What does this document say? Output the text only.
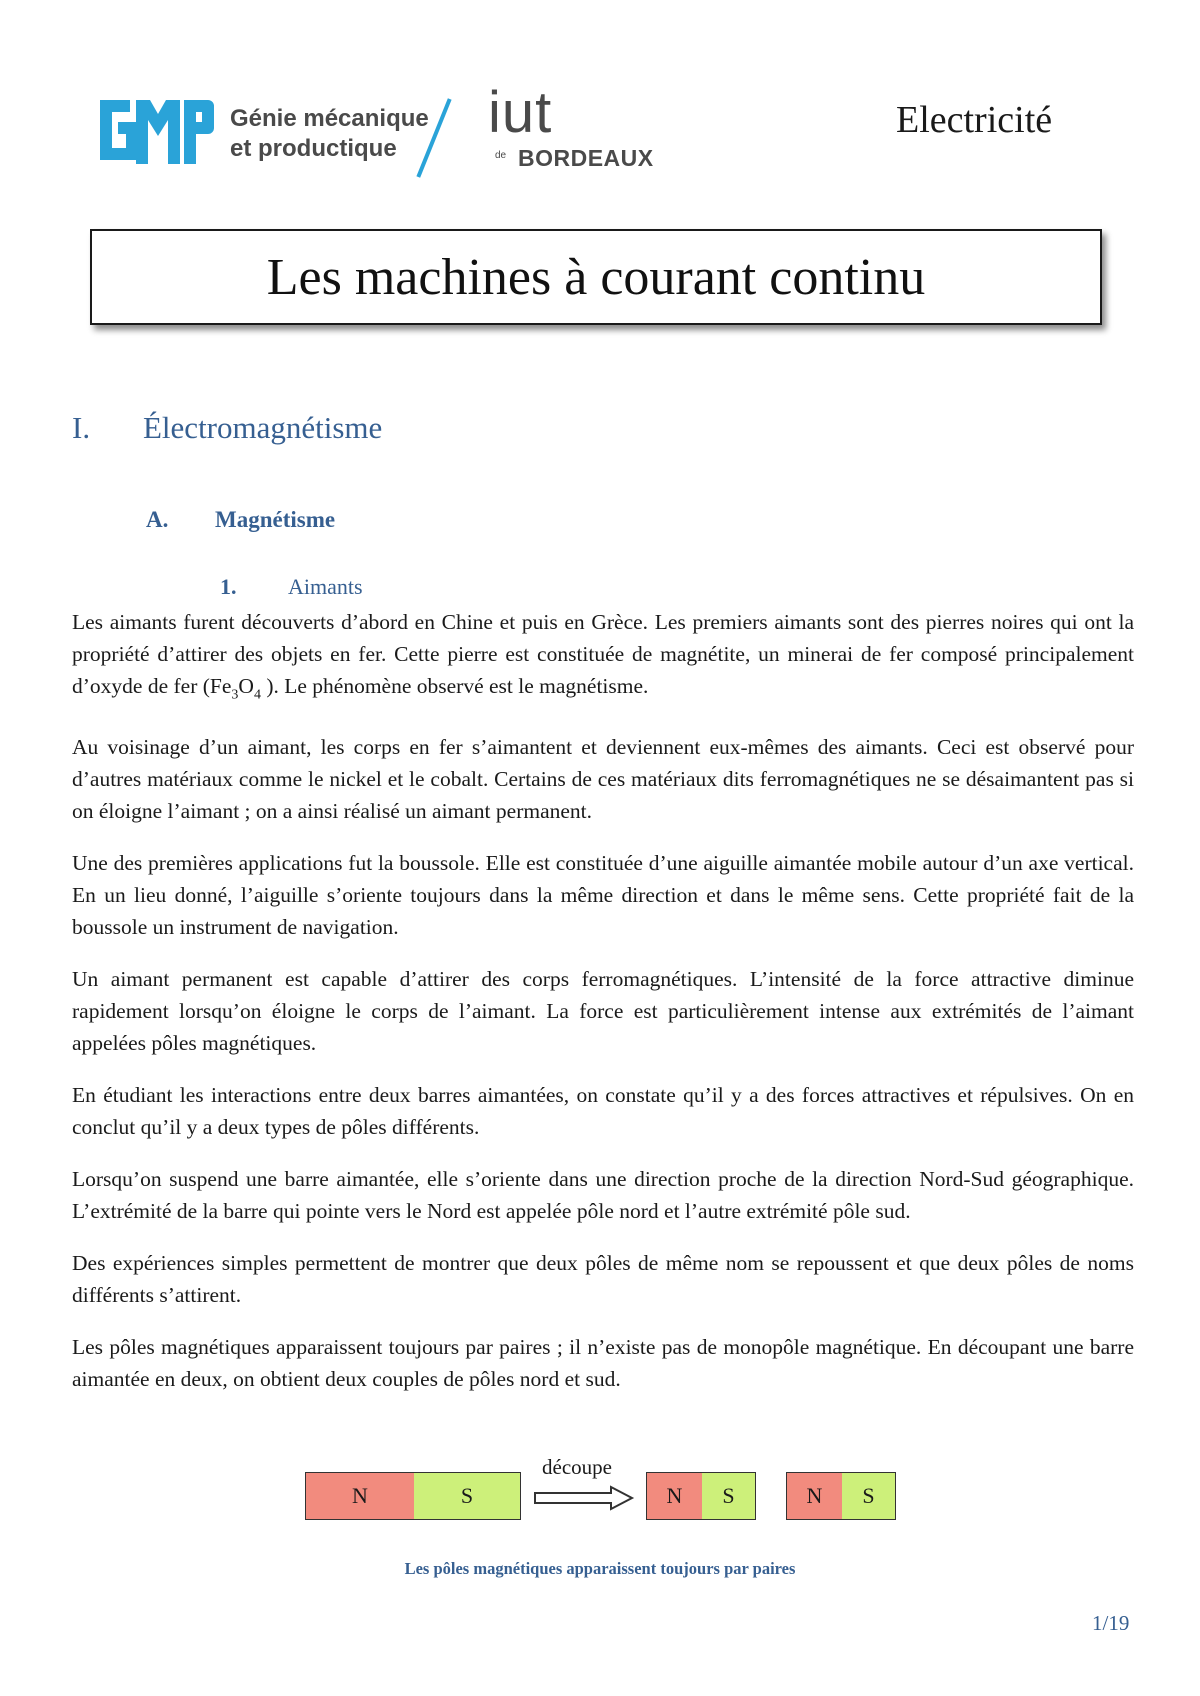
Génie mécanique
et productique
iut
de BORDEAUX
Electricité
Les machines à courant continu
I. Électromagnétisme
A. Magnétisme
1. Aimants

Les aimants furent découverts d’abord en Chine et puis en Grèce. Les premiers aimants sont des pierres noires qui ont la propriété d’attirer des objets en fer. Cette pierre est constituée de magnétite, un minerai de fer composé principalement d’oxyde de fer ($Fe_3O_4$ ). Le phénomène observé est le magnétisme.

Au voisinage d’un aimant, les corps en fer s’aimantent et deviennent eux-mêmes des aimants. Ceci est observé pour d’autres matériaux comme le nickel et le cobalt. Certains de ces matériaux dits ferromagnétiques ne se désaimantent pas si on éloigne l’aimant ; on a ainsi réalisé un aimant permanent.

Une des premières applications fut la boussole. Elle est constituée d’une aiguille aimantée mobile autour d’un axe vertical. En un lieu donné, l’aiguille s’oriente toujours dans la même direction et dans le même sens. Cette propriété fait de la boussole un instrument de navigation.

Un aimant permanent est capable d’attirer des corps ferromagnétiques. L’intensité de la force attractive diminue rapidement lorsqu’on éloigne le corps de l’aimant. La force est particulièrement intense aux extrémités de l’aimant appelées pôles magnétiques.

En étudiant les interactions entre deux barres aimantées, on constate qu’il y a des forces attractives et répulsives. On en conclut qu’il y a deux types de pôles différents.

Lorsqu’on suspend une barre aimantée, elle s’oriente dans une direction proche de la direction Nord-Sud géographique. L’extrémité de la barre qui pointe vers le Nord est appelée pôle nord et l’autre extrémité pôle sud.

Des expériences simples permettent de montrer que deux pôles de même nom se repoussent et que deux pôles de noms différents s’attirent.

Les pôles magnétiques apparaissent toujours par paires ; il n’existe pas de monopôle magnétique. En découpant une barre aimantée en deux, on obtient deux couples de pôles nord et sud.

N	S
découpe
N	S	N	S
Les pôles magnétiques apparaissent toujours par paires
1/19
